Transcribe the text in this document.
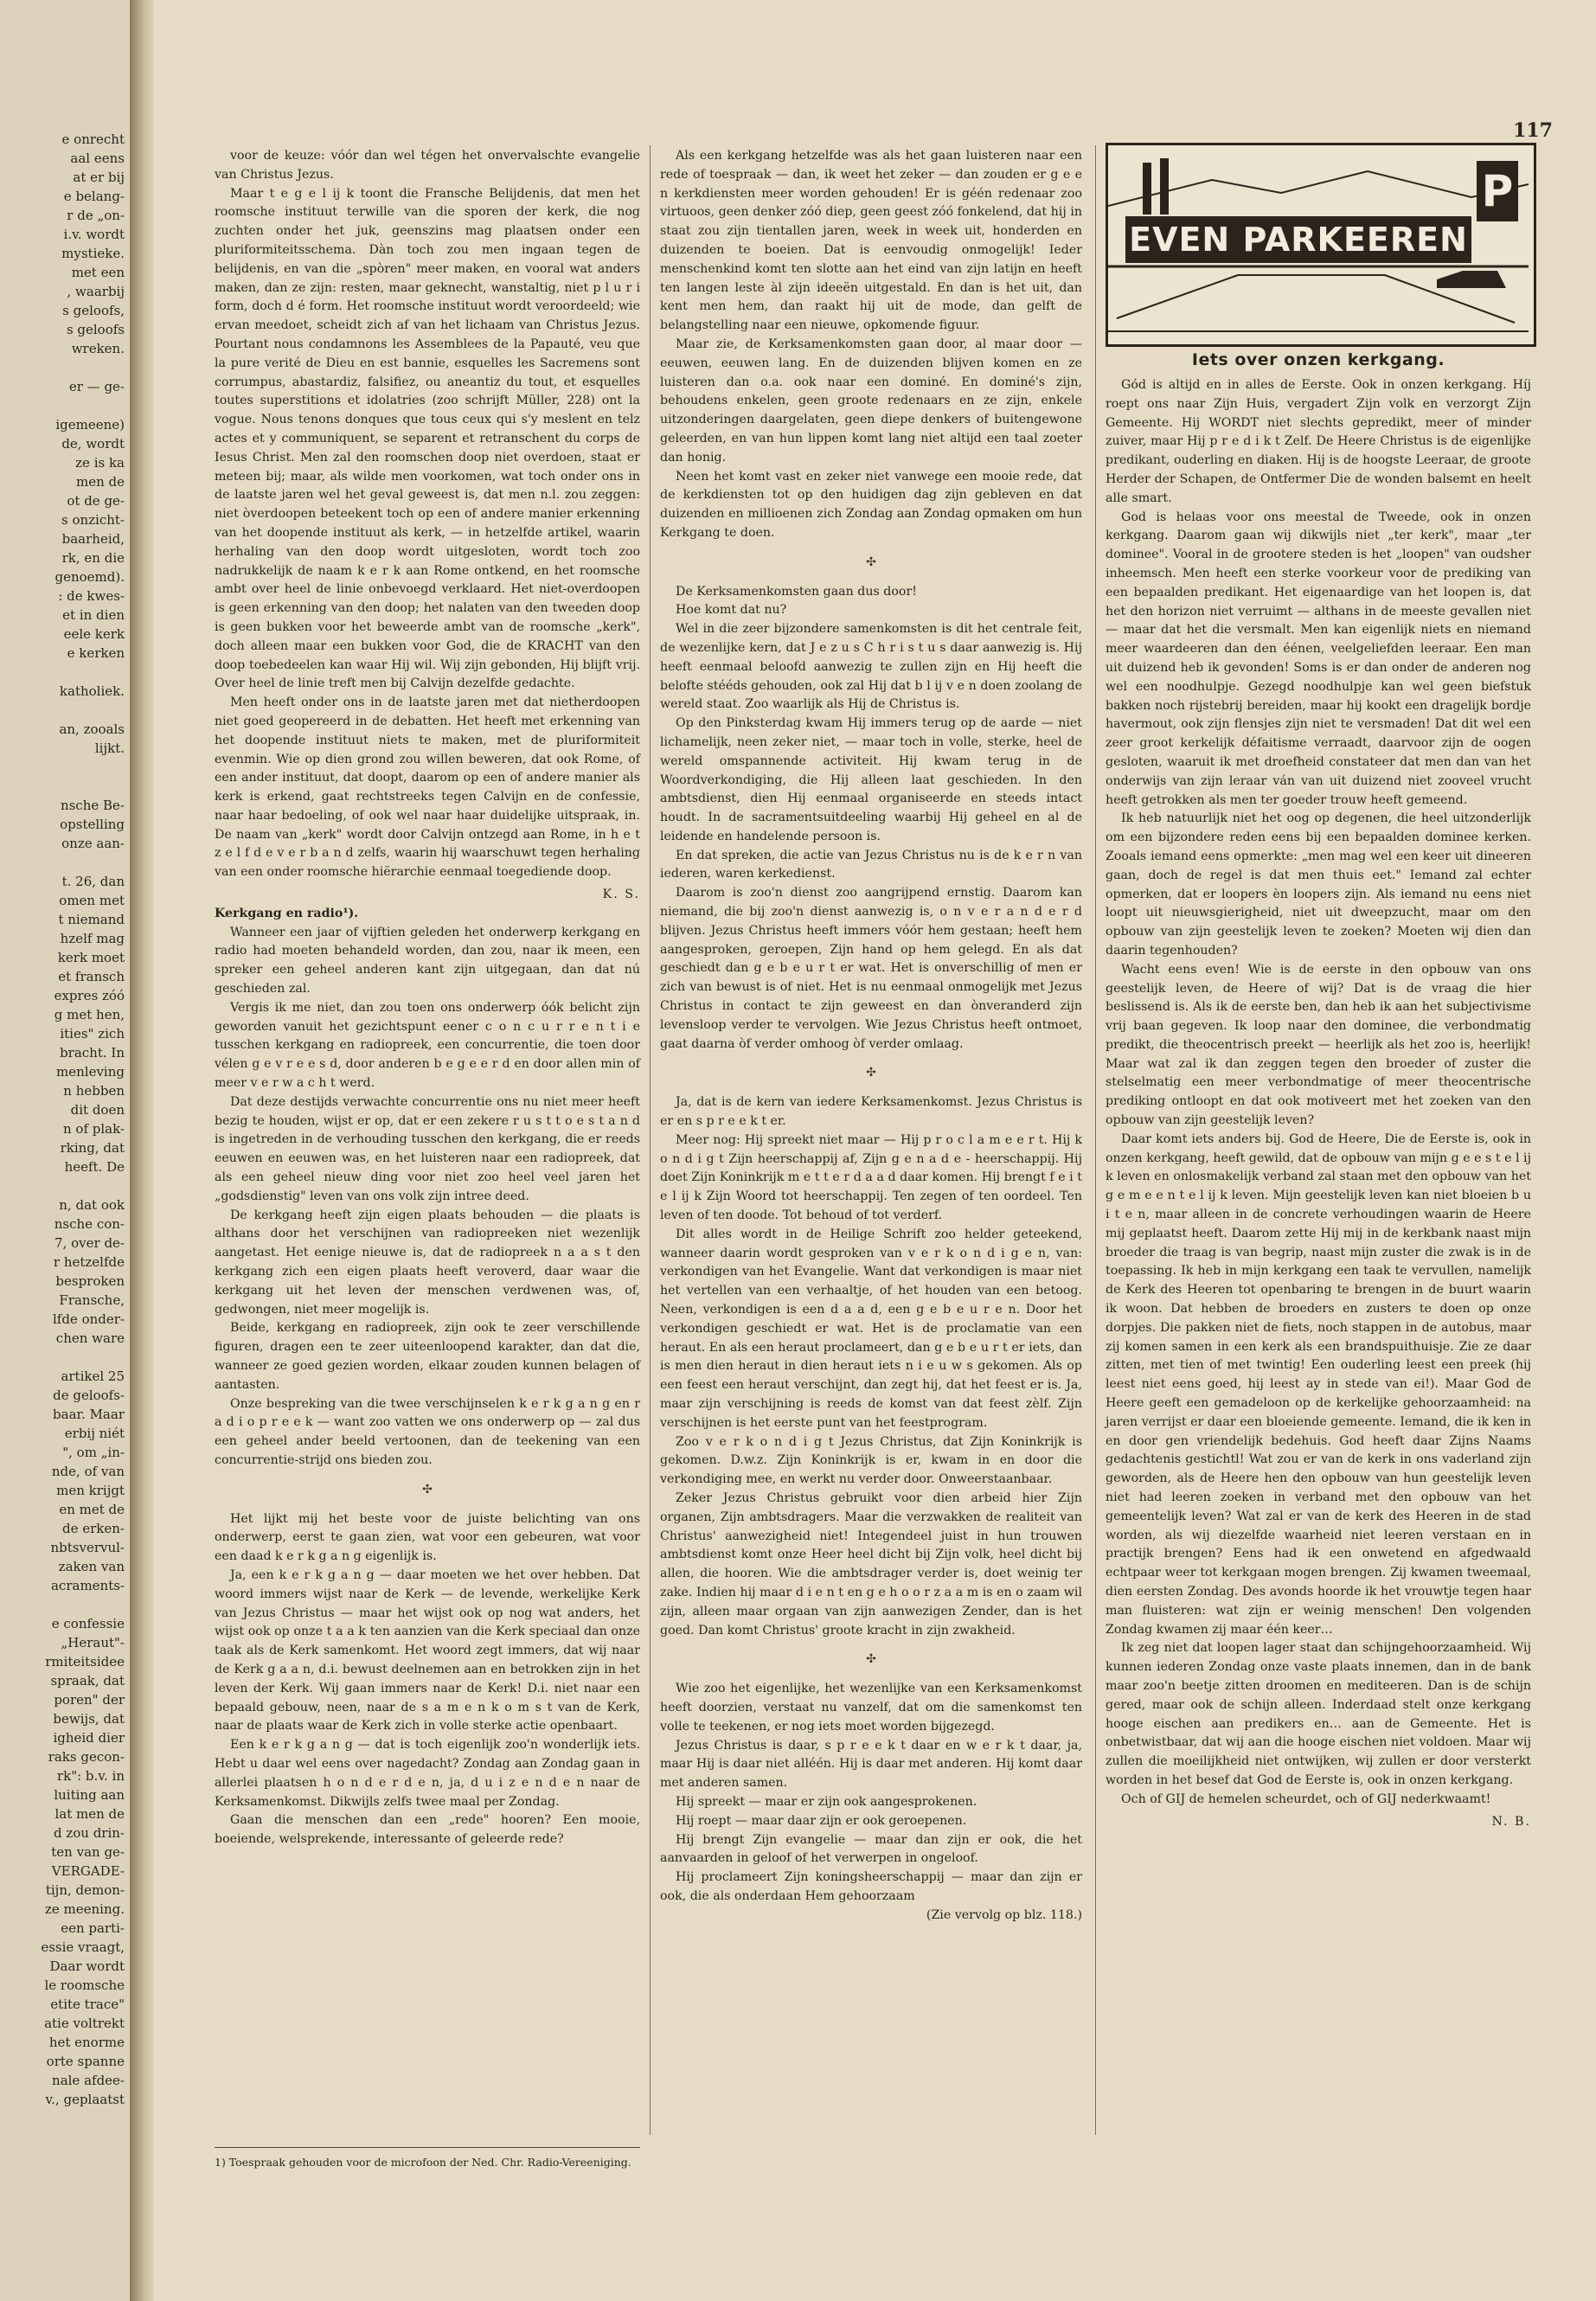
e onrecht
aal eens
at er bij
e belang-
r de „on-
i.v. wordt
mystieke.
met een
, waarbij
s geloofs,
s geloofs
wreken.

er — ge-

igemeene)
de, wordt
ze is ka
men de
ot de ge-
s onzicht-
baarheid,
rk, en die
genoemd).
: de kwes-
et in dien
eele kerk
e kerken

katholiek.

an, zooals
lijkt.

nsche Be-
opstelling
onze aan-

t. 26, dan
omen met
t niemand
hzelf mag
kerk moet
et fransch
expres zóó
g met hen,
ities" zich
bracht. In
menleving
n hebben
dit doen
n of plak-
rking, dat
heeft. De

n, dat ook
nsche con-
7, over de-
r hetzelfde
besproken
Fransche,
lfde onder-
chen ware

artikel 25
de geloofs-
baar. Maar
erbij niét
", om „in-
nde, of van
men krijgt
en met de
de erken-
nbtsvervul-
zaken van
acraments-

e confessie
„Heraut"-
rmiteitsidee
spraak, dat
poren" der
bewijs, dat
igheid dier
raks gecon-
rk": b.v. in
luiting aan
lat men de
d zou drin-
ten van ge-
VERGADE-
tijn, demon-
ze meening.
een parti-
essie vraagt,
Daar wordt
le roomsche
etite trace"
atie voltrekt
het enorme
orte spanne
nale afdee-
v., geplaatst
117

voor de keuze: vóór dan wel tégen het onvervalschte evangelie van Christus Jezus.

Maar t e g e l ij k toont die Fransche Belijdenis, dat men het roomsche instituut terwille van die sporen der kerk, die nog zuchten onder het juk, geenszins mag plaatsen onder een pluriformiteitsschema. Dàn toch zou men ingaan tegen de belijdenis, en van die „spòren" meer maken, en vooral wat anders maken, dan ze zijn: resten, maar geknecht, wanstaltig, niet p l u r i form, doch d é form. Het roomsche instituut wordt veroordeeld; wie ervan meedoet, scheidt zich af van het lichaam van Christus Jezus. Pourtant nous condamnons les Assemblees de la Papauté, veu que la pure verité de Dieu en est bannie, esquelles les Sacremens sont corrumpus, abastardiz, falsifiez, ou aneantiz du tout, et esquelles toutes superstitions et idolatries (zoo schrijft Müller, 228) ont la vogue. Nous tenons donques que tous ceux qui s'y meslent en telz actes et y communiquent, se separent et retranschent du corps de Iesus Christ. Men zal den roomschen doop niet overdoen, staat er meteen bij; maar, als wilde men voorkomen, wat toch onder ons in de laatste jaren wel het geval geweest is, dat men n.l. zou zeggen: niet òverdoopen beteekent toch op een of andere manier erkenning van het doopende instituut als kerk, — in hetzelfde artikel, waarin herhaling van den doop wordt uitgesloten, wordt toch zoo nadrukkelijk de naam k e r k aan Rome ontkend, en het roomsche ambt over heel de linie onbevoegd verklaard. Het niet-overdoopen is geen erkenning van den doop; het nalaten van den tweeden doop is geen bukken voor het beweerde ambt van de roomsche „kerk", doch alleen maar een bukken voor God, die de KRACHT van den doop toebedeelen kan waar Hij wil. Wij zijn gebonden, Hij blijft vrij. Over heel de linie treft men bij Calvijn dezelfde gedachte.

Men heeft onder ons in de laatste jaren met dat nietherdoopen niet goed geopereerd in de debatten. Het heeft met erkenning van het doopende instituut niets te maken, met de pluriformiteit evenmin. Wie op dien grond zou willen beweren, dat ook Rome, of een ander instituut, dat doopt, daarom op een of andere manier als kerk is erkend, gaat rechtstreeks tegen Calvijn en de confessie, naar haar bedoeling, of ook wel naar haar duidelijke uitspraak, in. De naam van „kerk" wordt door Calvijn ontzegd aan Rome, in h e t z e l f d e v e r b a n d zelfs, waarin hij waarschuwt tegen herhaling van een onder roomsche hiërarchie eenmaal toegediende doop.

K. S.

Kerkgang en radio¹).

Wanneer een jaar of vijftien geleden het onderwerp kerkgang en radio had moeten behandeld worden, dan zou, naar ik meen, een spreker een geheel anderen kant zijn uitgegaan, dan dat nú geschieden zal.

Vergis ik me niet, dan zou toen ons onderwerp óók belicht zijn geworden vanuit het gezichtspunt eener c o n c u r r e n t i e tusschen kerkgang en radiopreek, een concurrentie, die toen door vélen g e v r e e s d, door anderen b e g e e r d en door allen min of meer v e r w a c h t werd.

Dat deze destijds verwachte concurrentie ons nu niet meer heeft bezig te houden, wijst er op, dat er een zekere r u s t t o e s t a n d is ingetreden in de verhouding tusschen den kerkgang, die er reeds eeuwen en eeuwen was, en het luisteren naar een radiopreek, dat als een geheel nieuw ding voor niet zoo heel veel jaren het „godsdienstig" leven van ons volk zijn intree deed.

De kerkgang heeft zijn eigen plaats behouden — die plaats is althans door het verschijnen van radiopreeken niet wezenlijk aangetast. Het eenige nieuwe is, dat de radiopreek n a a s t den kerkgang zich een eigen plaats heeft veroverd, daar waar die kerkgang uit het leven der menschen verdwenen was, of, gedwongen, niet meer mogelijk is.

Beide, kerkgang en radiopreek, zijn ook te zeer verschillende figuren, dragen een te zeer uiteenloopend karakter, dan dat die, wanneer ze goed gezien worden, elkaar zouden kunnen belagen of aantasten.

Onze bespreking van die twee verschijnselen k e r k g a n g en r a d i o p r e e k — want zoo vatten we ons onderwerp op — zal dus een geheel ander beeld vertoonen, dan de teekening van een concurrentie-strijd ons bieden zou.

✣

Het lijkt mij het beste voor de juiste belichting van ons onderwerp, eerst te gaan zien, wat voor een gebeuren, wat voor een daad k e r k g a n g eigenlijk is.

Ja, een k e r k g a n g — daar moeten we het over hebben. Dat woord immers wijst naar de Kerk — de levende, werkelijke Kerk van Jezus Christus — maar het wijst ook op nog wat anders, het wijst ook op onze t a a k ten aanzien van die Kerk speciaal dan onze taak als de Kerk samenkomt. Het woord zegt immers, dat wij naar de Kerk g a a n, d.i. bewust deelnemen aan en betrokken zijn in het leven der Kerk. Wij gaan immers naar de Kerk! D.i. niet naar een bepaald gebouw, neen, naar de s a m e n k o m s t van de Kerk, naar de plaats waar de Kerk zich in volle sterke actie openbaart.

Een k e r k g a n g — dat is toch eigenlijk zoo'n wonderlijk iets. Hebt u daar wel eens over nagedacht? Zondag aan Zondag gaan in allerlei plaatsen h o n d e r d e n, ja, d u i z e n d e n naar de Kerksamenkomst. Dikwijls zelfs twee maal per Zondag.

Gaan die menschen dan een „rede" hooren? Een mooie, boeiende, welsprekende, interessante of geleerde rede?

1) Toespraak gehouden voor de microfoon der Ned. Chr. Radio-Vereeniging.

Als een kerkgang hetzelfde was als het gaan luisteren naar een rede of toespraak — dan, ik weet het zeker — dan zouden er g e e n kerkdiensten meer worden gehouden! Er is géén redenaar zoo virtuoos, geen denker zóó diep, geen geest zóó fonkelend, dat hij in staat zou zijn tientallen jaren, week in week uit, honderden en duizenden te boeien. Dat is eenvoudig onmogelijk! Ieder menschenkind komt ten slotte aan het eind van zijn latijn en heeft ten langen leste àl zijn ideeën uitgestald. En dan is het uit, dan kent men hem, dan raakt hij uit de mode, dan gelft de belangstelling naar een nieuwe, opkomende figuur.

Maar zie, de Kerksamenkomsten gaan door, al maar door — eeuwen, eeuwen lang. En de duizenden blijven komen en ze luisteren dan o.a. ook naar een dominé. En dominé's zijn, behoudens enkelen, geen groote redenaars en ze zijn, enkele uitzonderingen daargelaten, geen diepe denkers of buitengewone geleerden, en van hun lippen komt lang niet altijd een taal zoeter dan honig.

Neen het komt vast en zeker niet vanwege een mooie rede, dat de kerkdiensten tot op den huidigen dag zijn gebleven en dat duizenden en millioenen zich Zondag aan Zondag opmaken om hun Kerkgang te doen.

✣

De Kerksamenkomsten gaan dus door!

Hoe komt dat nu?

Wel in die zeer bijzondere samenkomsten is dit het centrale feit, de wezenlijke kern, dat J e z u s C h r i s t u s daar aanwezig is. Hij heeft eenmaal beloofd aanwezig te zullen zijn en Hij heeft die belofte stééds gehouden, ook zal Hij dat b l ij v e n doen zoolang de wereld staat. Zoo waarlijk als Hij de Christus is.

Op den Pinksterdag kwam Hij immers terug op de aarde — niet lichamelijk, neen zeker niet, — maar toch in volle, sterke, heel de wereld omspannende activiteit. Hij kwam terug in de Woordverkondiging, die Hij alleen laat geschieden. In den ambtsdienst, dien Hij eenmaal organiseerde en steeds intact houdt. In de sacramentsuitdeeling waarbij Hij geheel en al de leidende en handelende persoon is.

En dat spreken, die actie van Jezus Christus nu is de k e r n van iederen, waren kerkedienst.

Daarom is zoo'n dienst zoo aangrijpend ernstig. Daarom kan niemand, die bij zoo'n dienst aanwezig is, o n v e r a n d e r d blijven. Jezus Christus heeft immers vóór hem gestaan; heeft hem aangesproken, geroepen, Zijn hand op hem gelegd. En als dat geschiedt dan g e b e u r t er wat. Het is onverschillig of men er zich van bewust is of niet. Het is nu eenmaal onmogelijk met Jezus Christus in contact te zijn geweest en dan ònveranderd zijn levensloop verder te vervolgen. Wie Jezus Christus heeft ontmoet, gaat daarna òf verder omhoog òf verder omlaag.

✣

Ja, dat is de kern van iedere Kerksamenkomst. Jezus Christus is er en s p r e e k t er.

Meer nog: Hij spreekt niet maar — Hij p r o c l a m e e r t. Hij k o n d i g t Zijn heerschappij af, Zijn g e n a d e - heerschappij. Hij doet Zijn Koninkrijk m e t t e r d a a d daar komen. Hij brengt f e i t e l ij k Zijn Woord tot heerschappij. Ten zegen of ten oordeel. Ten leven of ten doode. Tot behoud of tot verderf.

Dit alles wordt in de Heilige Schrift zoo helder geteekend, wanneer daarin wordt gesproken van v e r k o n d i g e n, van: verkondigen van het Evangelie. Want dat verkondigen is maar niet het vertellen van een verhaaltje, of het houden van een betoog. Neen, verkondigen is een d a a d, een g e b e u r e n. Door het verkondigen geschiedt er wat. Het is de proclamatie van een heraut. En als een heraut proclameert, dan g e b e u r t er iets, dan is men dien heraut in dien heraut iets n i e u w s gekomen. Als op een feest een heraut verschijnt, dan zegt hij, dat het feest er is. Ja, maar zijn verschijning is reeds de komst van dat feest zèlf. Zijn verschijnen is het eerste punt van het feestprogram.

Zoo v e r k o n d i g t Jezus Christus, dat Zijn Koninkrijk is gekomen. D.w.z. Zijn Koninkrijk is er, kwam in en door die verkondiging mee, en werkt nu verder door. Onweerstaanbaar.

Zeker Jezus Christus gebruikt voor dien arbeid hier Zijn organen, Zijn ambtsdragers. Maar die verzwakken de realiteit van Christus' aanwezigheid niet! Integendeel juist in hun trouwen ambtsdienst komt onze Heer heel dicht bij Zijn volk, heel dicht bij allen, die hooren. Wie die ambtsdrager verder is, doet weinig ter zake. Indien hij maar d i e n t en g e h o o r z a a m is en o zaam wil zijn, alleen maar orgaan van zijn aanwezigen Zender, dan is het goed. Dan komt Christus' groote kracht in zijn zwakheid.

✣

Wie zoo het eigenlijke, het wezenlijke van een Kerksamenkomst heeft doorzien, verstaat nu vanzelf, dat om die samenkomst ten volle te teekenen, er nog iets moet worden bijgezegd.

Jezus Christus is daar, s p r e e k t daar en w e r k t daar, ja, maar Hij is daar niet alléén. Hij is daar met anderen. Hij komt daar met anderen samen.

Hij spreekt — maar er zijn ook aangesprokenen.

Hij roept — maar daar zijn er ook geroepenen.

Hij brengt Zijn evangelie — maar dan zijn er ook, die het aanvaarden in geloof of het verwerpen in ongeloof.

Hij proclameert Zijn koningsheerschappij — maar dan zijn er ook, die als onderdaan Hem gehoorzaam

(Zie vervolg op blz. 118.)

EVEN PARKEEREN
P
Iets over onzen kerkgang.

Gód is altijd en in alles de Eerste. Ook in onzen kerkgang. Híj roept ons naar Zijn Huis, vergadert Zijn volk en verzorgt Zijn Gemeente. Hij WORDT niet slechts gepredikt, meer of minder zuiver, maar Hij p r e d i k t Zelf. De Heere Christus is de eigenlijke predikant, ouderling en diaken. Hij is de hoogste Leeraar, de groote Herder der Schapen, de Ontfermer Die de wonden balsemt en heelt alle smart.

God is helaas voor ons meestal de Tweede, ook in onzen kerkgang. Daarom gaan wij dikwijls niet „ter kerk", maar „ter dominee". Vooral in de grootere steden is het „loopen" van oudsher inheemsch. Men heeft een sterke voorkeur voor de prediking van een bepaalden predikant. Het eigenaardige van het loopen is, dat het den horizon niet verruimt — althans in de meeste gevallen niet — maar dat het die versmalt. Men kan eigenlijk niets en niemand meer waardeeren dan den éénen, veelgeliefden leeraar. Een man uit duizend heb ik gevonden! Soms is er dan onder de anderen nog wel een noodhulpje. Gezegd noodhulpje kan wel geen biefstuk bakken noch rijstebrij bereiden, maar hij kookt een dragelijk bordje havermout, ook zijn flensjes zijn niet te versmaden! Dat dit wel een zeer groot kerkelijk défaitisme verraadt, daarvoor zijn de oogen gesloten, waaruit ik met droefheid constateer dat men dan van het onderwijs van zijn leraar ván van uit duizend niet zooveel vrucht heeft getrokken als men ter goeder trouw heeft gemeend.

Ik heb natuurlijk niet het oog op degenen, die heel uitzonderlijk om een bijzondere reden eens bij een bepaalden dominee kerken. Zooals iemand eens opmerkte: „men mag wel een keer uit dineeren gaan, doch de regel is dat men thuis eet." Iemand zal echter opmerken, dat er loopers èn loopers zijn. Als iemand nu eens niet loopt uit nieuwsgierigheid, niet uit dweepzucht, maar om den opbouw van zijn geestelijk leven te zoeken? Moeten wij dien dan daarin tegenhouden?

Wacht eens even! Wie is de eerste in den opbouw van ons geestelijk leven, de Heere of wij? Dat is de vraag die hier beslissend is. Als ik de eerste ben, dan heb ik aan het subjectivisme vrij baan gegeven. Ik loop naar den dominee, die verbondmatig predikt, die theocentrisch preekt — heerlijk als het zoo is, heerlijk! Maar wat zal ik dan zeggen tegen den broeder of zuster die stelselmatig een meer verbondmatige of meer theocentrische prediking ontloopt en dat ook motiveert met het zoeken van den opbouw van zijn geestelijk leven?

Daar komt iets anders bij. God de Heere, Die de Eerste is, ook in onzen kerkgang, heeft gewild, dat de opbouw van mijn g e e s t e l ij k leven en onlosmakelijk verband zal staan met den opbouw van het g e m e e n t e l ij k leven. Mijn geestelijk leven kan niet bloeien b u i t e n, maar alleen in de concrete verhoudingen waarin de Heere mij geplaatst heeft. Daarom zette Hij mij in de kerkbank naast mijn broeder die traag is van begrip, naast mijn zuster die zwak is in de toepassing. Ik heb in mijn kerkgang een taak te vervullen, namelijk de Kerk des Heeren tot openbaring te brengen in de buurt waarin ik woon. Dat hebben de broeders en zusters te doen op onze dorpjes. Die pakken niet de fiets, noch stappen in de autobus, maar zij komen samen in een kerk als een brandspuithuisje. Zie ze daar zitten, met tien of met twintig! Een ouderling leest een preek (hij leest niet eens goed, hij leest ay in stede van ei!). Maar God de Heere geeft een gemadeloon op de kerkelijke gehoorzaamheid: na jaren verrijst er daar een bloeiende gemeente. Iemand, die ik ken in en door gen vriendelijk bedehuis. God heeft daar Zijns Naams gedachtenis gestichtl! Wat zou er van de kerk in ons vaderland zijn geworden, als de Heere hen den opbouw van hun geestelijk leven niet had leeren zoeken in verband met den opbouw van het gemeentelijk leven? Wat zal er van de kerk des Heeren in de stad worden, als wij diezelfde waarheid niet leeren verstaan en in practijk brengen? Eens had ik een onwetend en afgedwaald echtpaar weer tot kerkgaan mogen brengen. Zij kwamen tweemaal, dien eersten Zondag. Des avonds hoorde ik het vrouwtje tegen haar man fluisteren: wat zijn er weinig menschen! Den volgenden Zondag kwamen zij maar één keer…

Ik zeg niet dat loopen lager staat dan schijngehoorzaamheid. Wij kunnen iederen Zondag onze vaste plaats innemen, dan in de bank maar zoo'n beetje zitten droomen en mediteeren. Dan is de schijn gered, maar ook de schijn alleen. Inderdaad stelt onze kerkgang hooge eischen aan predikers en… aan de Gemeente. Het is onbetwistbaar, dat wij aan die hooge eischen niet voldoen. Maar wij zullen die moeilijkheid niet ontwijken, wij zullen er door versterkt worden in het besef dat God de Eerste is, ook in onzen kerkgang.

Och of GIJ de hemelen scheurdet, och of GIJ nederkwaamt!

N. B.
